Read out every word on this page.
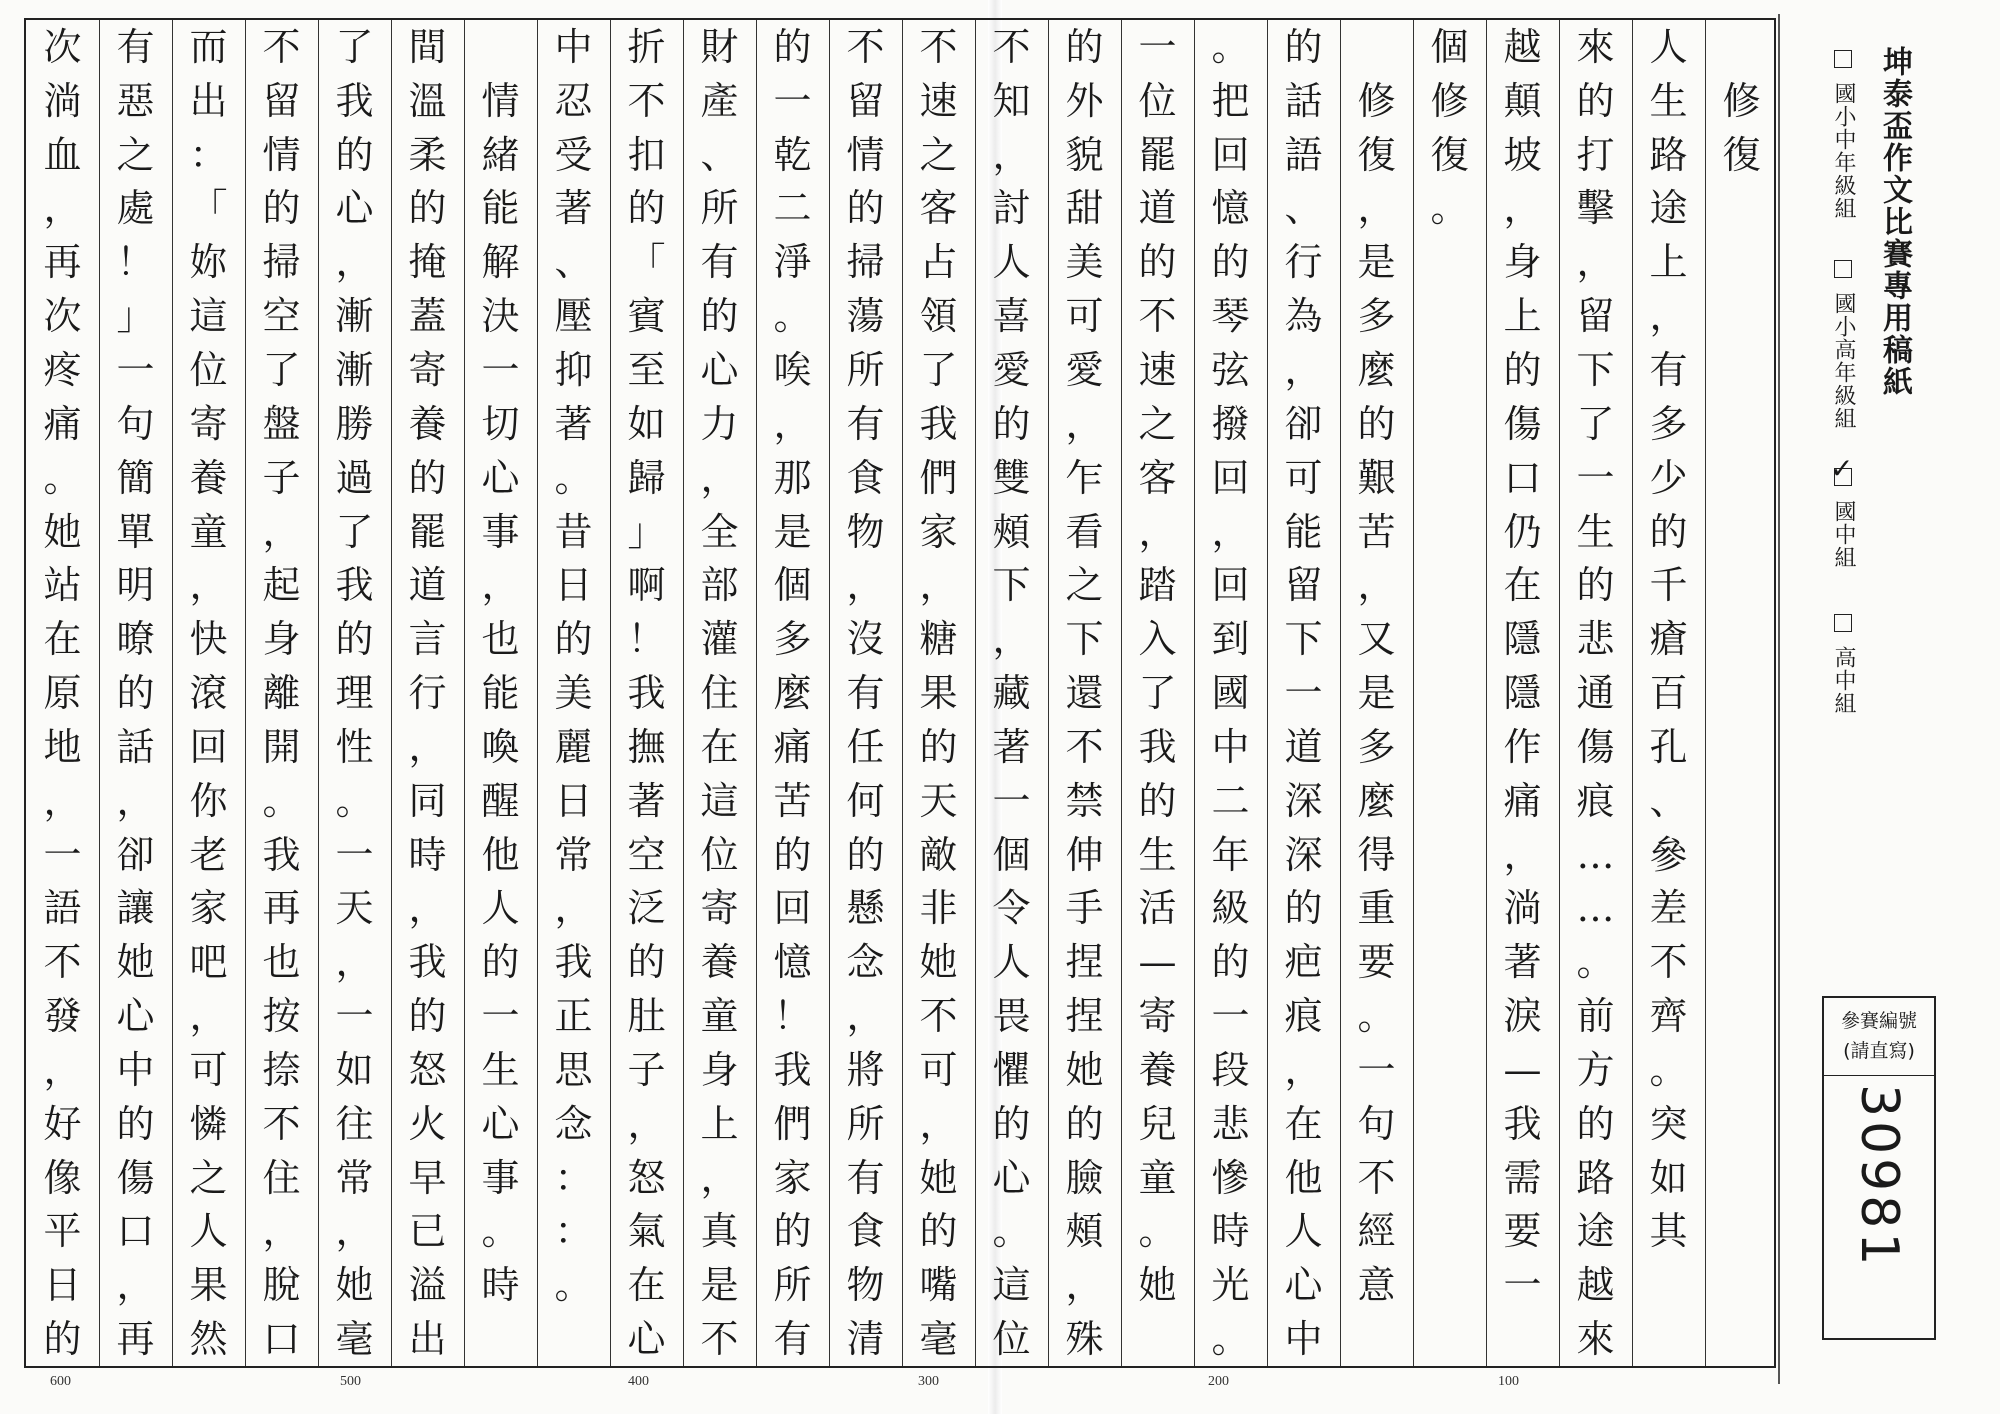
修
復
人
生
路
途
上
，
有
多
少
的
千
瘡
百
孔
、
參
差
不
齊
。
突
如
其
來
的
打
擊
，
留
下
了
一
生
的
悲
通
傷
痕
…
…
。
前
方
的
路
途
越
來
越
顛
坡
，
身
上
的
傷
口
仍
在
隱
隱
作
痛
，
淌
著
淚
—
我
需
要
一
個
修
復
。

修
復
，
是
多
麼
的
艱
苦
，
又
是
多
麼
得
重
要
。
一
句
不
經
意
的
話
語
、
行
為
，
卻
可
能
留
下
一
道
深
深
的
疤
痕
，
在
他
人
心
中
。
把
回
憶
的
琴
弦
撥
回
，
回
到
國
中
二
年
級
的
一
段
悲
慘
時
光
。
一
位
罷
道
的
不
速
之
客
，
踏
入
了
我
的
生
活
—
寄
養
兒
童
。
她
的
外
貌
甜
美
可
愛
，
乍
看
之
下
還
不
禁
伸
手
捏
捏
她
的
臉
頰
，
殊
不
知
，
討
人
喜
愛
的
雙
頰
下
，
藏
著
一
個
令
人
畏
懼
的
心
。
這
位
不
速
之
客
占
領
了
我
們
家
，
糖
果
的
天
敵
非
她
不
可
，
她
的
嘴
毫
不
留
情
的
掃
蕩
所
有
食
物
，
沒
有
任
何
的
懸
念
，
將
所
有
食
物
清
的
一
乾
二
淨
。
唉
，
那
是
個
多
麼
痛
苦
的
回
憶
！
我
們
家
的
所
有
財
產
、
所
有
的
心
力
，
全
部
灌
住
在
這
位
寄
養
童
身
上
，
真
是
不
折
不
扣
的
「
賓
至
如
歸
」
啊
！
我
撫
著
空
泛
的
肚
子
，
怒
氣
在
心
中
忍
受
著
、
壓
抑
著
。
昔
日
的
美
麗
日
常
，
我
正
思
念
：
：
。

情
緒
能
解
決
一
切
心
事
，
也
能
喚
醒
他
人
的
一
生
心
事
。
時
間
溫
柔
的
掩
蓋
寄
養
的
罷
道
言
行
，
同
時
，
我
的
怒
火
早
已
溢
出
了
我
的
心
，
漸
漸
勝
過
了
我
的
理
性
。
一
天
，
一
如
往
常
，
她
毫
不
留
情
的
掃
空
了
盤
子
，
起
身
離
開
。
我
再
也
按
捺
不
住
，
脫
口
而
出
：
「
妳
這
位
寄
養
童
，
快
滾
回
你
老
家
吧
，
可
憐
之
人
果
然
有
惡
之
處
！
」
一
句
簡
單
明
暸
的
話
，
卻
讓
她
心
中
的
傷
口
，
再
次
淌
血
，
再
次
疼
痛
。
她
站
在
原
地
，
一
語
不
發
，
好
像
平
日
的
600	500	400	300	200	100
坤泰盃作文比賽專用稿紙
國小中年級組
國小高年級組
國中組
✓
高中組
參賽編號
(請直寫)
30981
